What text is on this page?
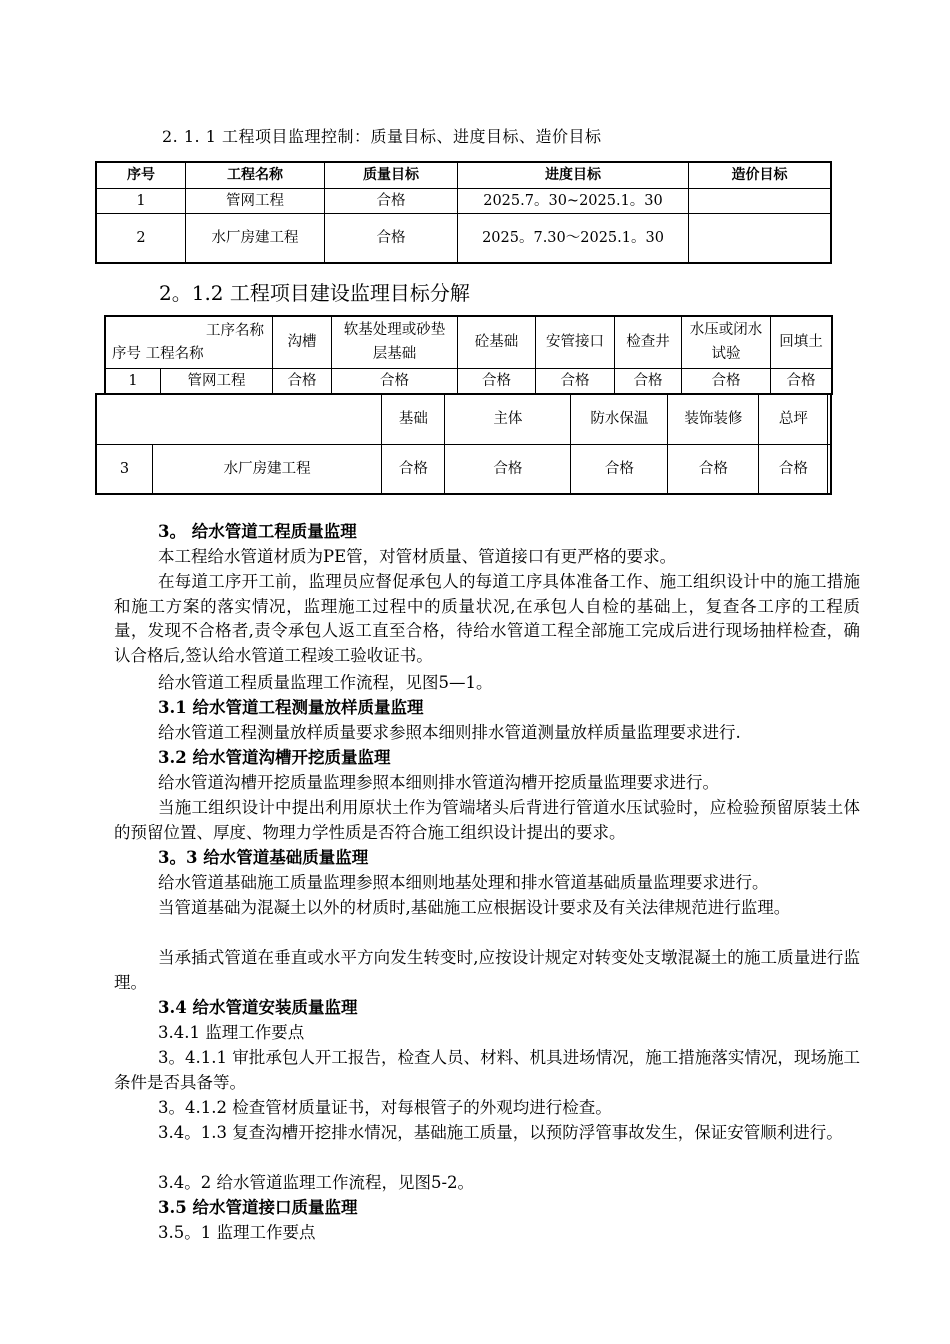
2. 1. 1 工程项目监理控制：质量目标、进度目标、造价目标
序号	工程名称	质量目标	进度目标	造价目标
1	管网工程	合格	2025.7。30~2025.1。30	
2	水厂房建工程	合格	2025。7.30～2025.1。30	
2。1.2 工程项目建设监理目标分解
工序名称
序号 工程名称		沟槽	软基处理或砂垫层基础	砼基础	安管接口	检查井	水压或闭水试验	回填土
1	管网工程	合格	合格	合格	合格	合格	合格	合格
		基础	主体	防水保温	装饰装修	总坪	
3	水厂房建工程	合格	合格	合格	合格	合格	
3。 给水管道工程质量监理
本工程给水管道材质为PE管，对管材质量、管道接口有更严格的要求。
在每道工序开工前，监理员应督促承包人的每道工序具体准备工作、施工组织设计中的施工措施和施工方案的落实情况，监理施工过程中的质量状况,在承包人自检的基础上，复查各工序的工程质量，发现不合格者,责令承包人返工直至合格，待给水管道工程全部施工完成后进行现场抽样检查，确认合格后,签认给水管道工程竣工验收证书。
给水管道工程质量监理工作流程，见图5—1。
3.1 给水管道工程测量放样质量监理
给水管道工程测量放样质量要求参照本细则排水管道测量放样质量监理要求进行.
3.2 给水管道沟槽开挖质量监理
给水管道沟槽开挖质量监理参照本细则排水管道沟槽开挖质量监理要求进行。
当施工组织设计中提出利用原状土作为管端堵头后背进行管道水压试验时，应检验预留原装土体的预留位置、厚度、物理力学性质是否符合施工组织设计提出的要求。
3。3 给水管道基础质量监理
给水管道基础施工质量监理参照本细则地基处理和排水管道基础质量监理要求进行。
当管道基础为混凝土以外的材质时,基础施工应根据设计要求及有关法律规范进行监理。
当承插式管道在垂直或水平方向发生转变时,应按设计规定对转变处支墩混凝土的施工质量进行监理。
3.4 给水管道安装质量监理
3.4.1 监理工作要点
3。4.1.1 审批承包人开工报告，检查人员、材料、机具进场情况，施工措施落实情况，现场施工条件是否具备等。
3。4.1.2 检查管材质量证书，对每根管子的外观均进行检查。
3.4。1.3 复查沟槽开挖排水情况，基础施工质量，以预防浮管事故发生，保证安管顺利进行。
3.4。2 给水管道监理工作流程，见图5-2。
3.5 给水管道接口质量监理
3.5。1 监理工作要点
